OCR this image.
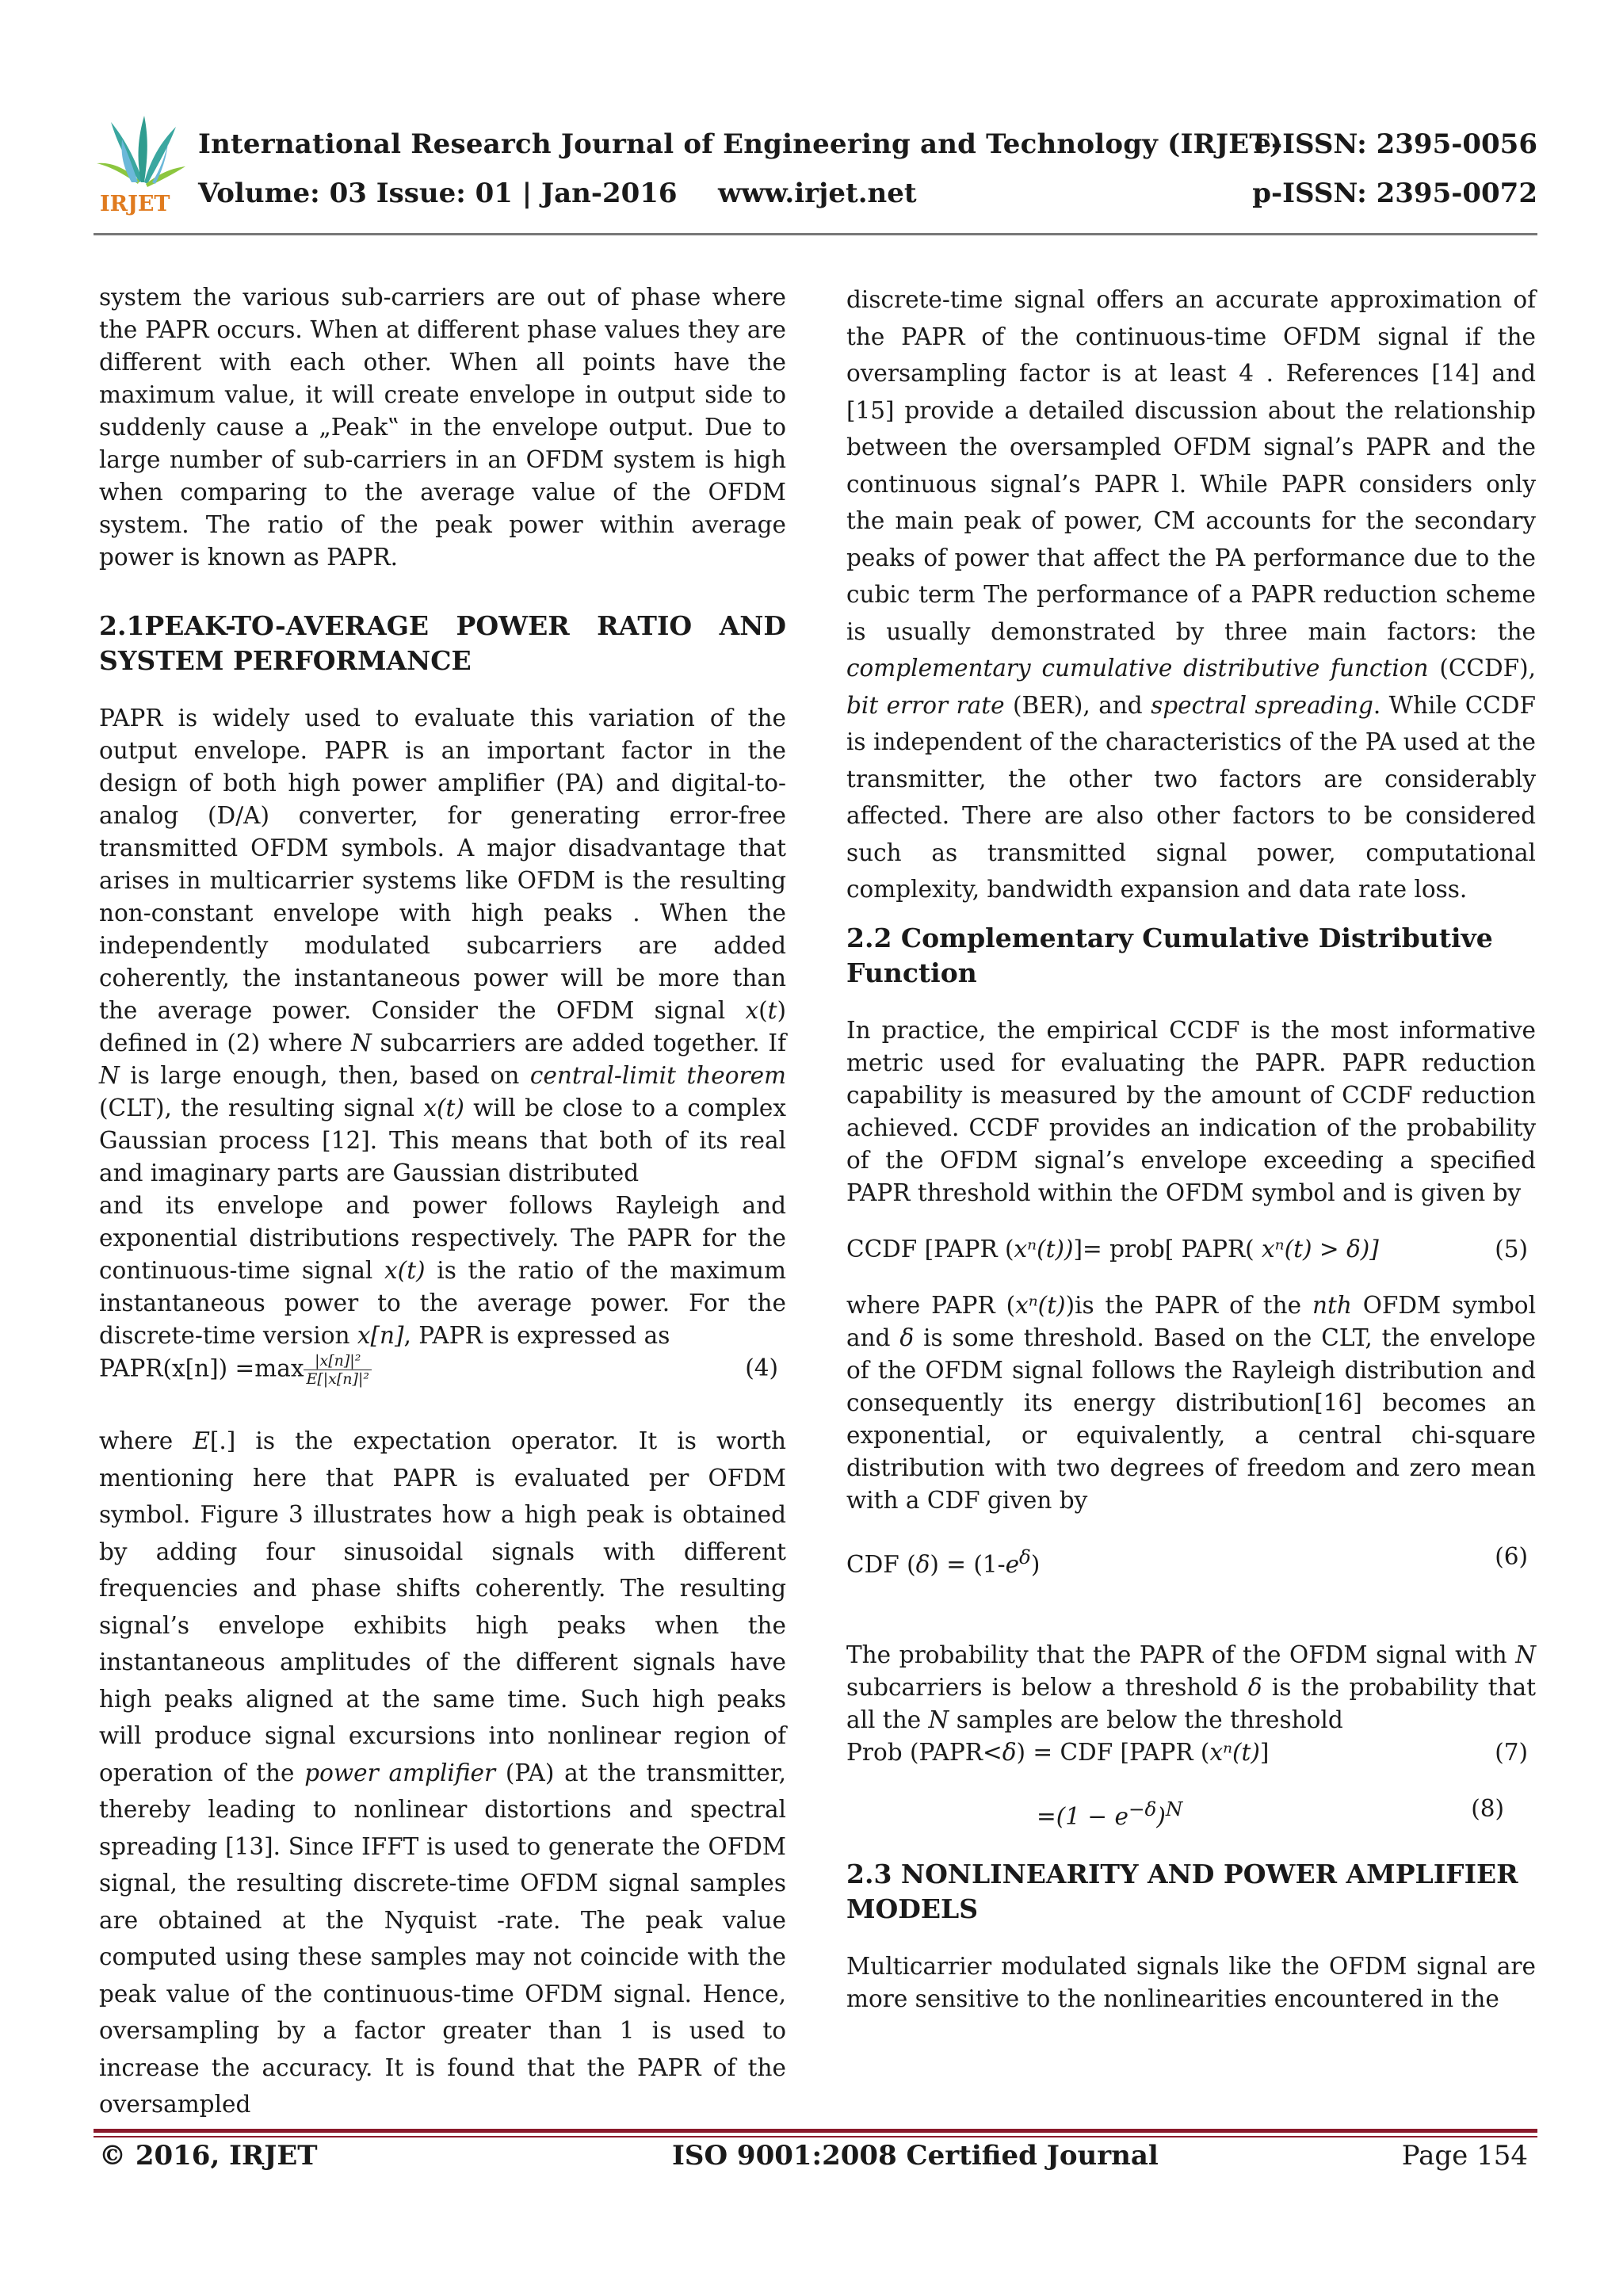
IRJET
International Research Journal of Engineering and Technology (IRJET)
e-ISSN: 2395-0056
Volume: 03 Issue: 01 | Jan-2016 www.irjet.net	p-ISSN: 2395-0072

system the various sub-carriers are out of phase where the PAPR occurs. When at different phase values they are different with each other. When all points have the maximum value, it will create envelope in output side to suddenly cause a „Peak‟ in the envelope output. Due to large number of sub-carriers in an OFDM system is high when comparing to the average value of the OFDM system. The ratio of the peak power within average power is known as PAPR.

2.1PEAK-TO-AVERAGE POWER RATIO AND
SYSTEM PERFORMANCE

PAPR is widely used to evaluate this variation of the output envelope. PAPR is an important factor in the design of both high power amplifier (PA) and digital-to-analog (D/A) converter, for generating error-free transmitted OFDM symbols. A major disadvantage that arises in multicarrier systems like OFDM is the resulting non-constant envelope with high peaks . When the independently modulated subcarriers are added coherently, the instantaneous power will be more than the average power. Consider the OFDM signal x(t) defined in (2) where N subcarriers are added together. If N is large enough, then, based on central-limit theorem (CLT), the resulting signal x(t) will be close to a complex Gaussian process [12]. This means that both of its real and imaginary parts are Gaussian distributed

and its envelope and power follows Rayleigh and exponential distributions respectively. The PAPR for the continuous-time signal x(t) is the ratio of the maximum instantaneous power to the average power. For the discrete-time version x[n], PAPR is expressed as

PAPR(x[n]) $=\max \frac{\text{|x[n]|²}}{\text{E[|x[n]|²}}$	(4)

where E[.] is the expectation operator. It is worth mentioning here that PAPR is evaluated per OFDM symbol. Figure 3 illustrates how a high peak is obtained by adding four sinusoidal signals with different frequencies and phase shifts coherently. The resulting signal’s envelope exhibits high peaks when the instantaneous amplitudes of the different signals have high peaks aligned at the same time. Such high peaks will produce signal excursions into nonlinear region of operation of the power amplifier (PA) at the transmitter, thereby leading to nonlinear distortions and spectral spreading [13]. Since IFFT is used to generate the OFDM signal, the resulting discrete-time OFDM signal samples are obtained at the Nyquist -rate. The peak value computed using these samples may not coincide with the peak value of the continuous-time OFDM signal. Hence, oversampling by a factor greater than 1 is used to increase the accuracy. It is found that the PAPR of the oversampled

discrete-time signal offers an accurate approximation of the PAPR of the continuous-time OFDM signal if the oversampling factor is at least 4 . References [14] and [15] provide a detailed discussion about the relationship between the oversampled OFDM signal’s PAPR and the continuous signal’s PAPR l. While PAPR considers only the main peak of power, CM accounts for the secondary peaks of power that affect the PA performance due to the cubic term The performance of a PAPR reduction scheme is usually demonstrated by three main factors: the complementary cumulative distributive function (CCDF), bit error rate (BER), and spectral spreading. While CCDF is independent of the characteristics of the PA used at the transmitter, the other two factors are considerably affected. There are also other factors to be considered such as transmitted signal power, computational complexity, bandwidth expansion and data rate loss.

2.2 Complementary Cumulative Distributive
Function

In practice, the empirical CCDF is the most informative metric used for evaluating the PAPR. PAPR reduction capability is measured by the amount of CCDF reduction achieved. CCDF provides an indication of the probability of the OFDM signal’s envelope exceeding a specified PAPR threshold within the OFDM symbol and is given by

CCDF [PAPR (xⁿ(t))]= prob[ PAPR( xⁿ(t) > δ)]	(5)

where PAPR (xⁿ(t))is the PAPR of the nth OFDM symbol and δ is some threshold. Based on the CLT, the envelope of the OFDM signal follows the Rayleigh distribution and consequently its energy distribution[16] becomes an exponential, or equivalently, a central chi-square distribution with two degrees of freedom and zero mean with a CDF given by

CDF $(\delta) = (1-e^\delta)$	(6)

The probability that the PAPR of the OFDM signal with N subcarriers is below a threshold δ is the probability that all the N samples are below the threshold

Prob (PAPR<δ) = CDF [PAPR (xⁿ(t)]	(7)
$=(1 - e^{-\delta})^N$	(8)
2.3 NONLINEARITY AND POWER AMPLIFIER
MODELS

Multicarrier modulated signals like the OFDM signal are more sensitive to the nonlinearities encountered in the

© 2016, IRJET	ISO 9001:2008 Certified Journal	Page 154
